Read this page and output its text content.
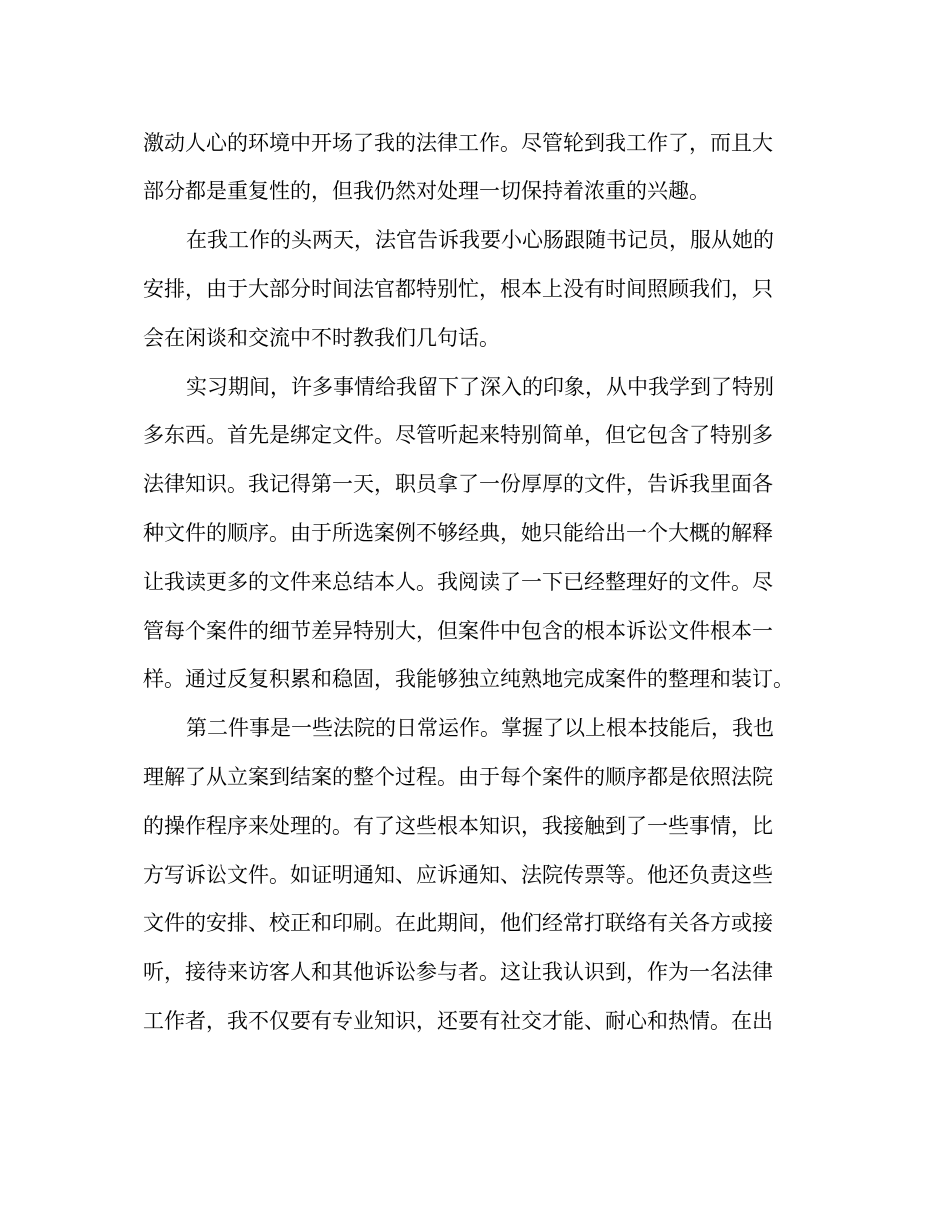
激动人心的环境中开场了我的法律工作。尽管轮到我工作了，而且大
部分都是重复性的，但我仍然对处理一切保持着浓重的兴趣。
在我工作的头两天，法官告诉我要小心肠跟随书记员，服从她的
安排，由于大部分时间法官都特别忙，根本上没有时间照顾我们，只
会在闲谈和交流中不时教我们几句话。
实习期间，许多事情给我留下了深入的印象，从中我学到了特别
多东西。首先是绑定文件。尽管听起来特别简单，但它包含了特别多
法律知识。我记得第一天，职员拿了一份厚厚的文件，告诉我里面各
种文件的顺序。由于所选案例不够经典，她只能给出一个大概的解释
让我读更多的文件来总结本人。我阅读了一下已经整理好的文件。尽
管每个案件的细节差异特别大，但案件中包含的根本诉讼文件根本一
样。通过反复积累和稳固，我能够独立纯熟地完成案件的整理和装订。
第二件事是一些法院的日常运作。掌握了以上根本技能后，我也
理解了从立案到结案的整个过程。由于每个案件的顺序都是依照法院
的操作程序来处理的。有了这些根本知识，我接触到了一些事情，比
方写诉讼文件。如证明通知、应诉通知、法院传票等。他还负责这些
文件的安排、校正和印刷。在此期间，他们经常打联络有关各方或接
听，接待来访客人和其他诉讼参与者。这让我认识到，作为一名法律
工作者，我不仅要有专业知识，还要有社交才能、耐心和热情。在出
